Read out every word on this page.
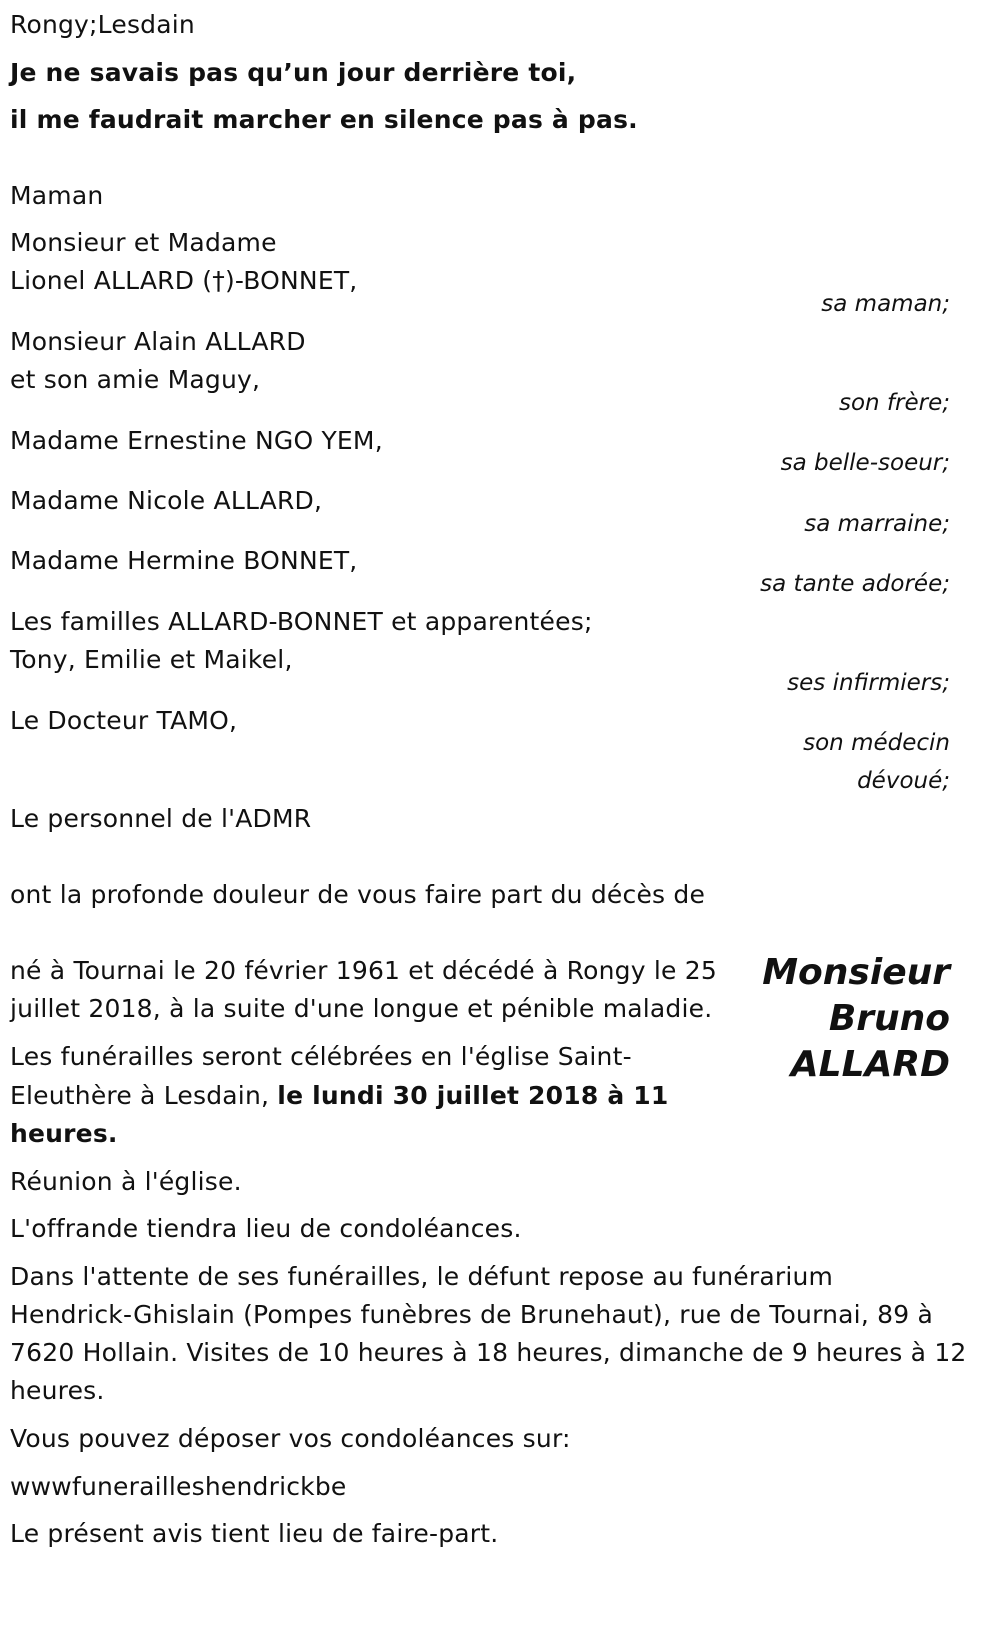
Rongy;Lesdain
Je ne savais pas qu’un jour derrière toi,
il me faudrait marcher en silence pas à pas.
Maman
Monsieur et Madame
Lionel ALLARD (†)-BONNET,
sa maman;
Monsieur Alain ALLARD
et son amie Maguy,
son frère;
Madame Ernestine NGO YEM,
sa belle-soeur;
Madame Nicole ALLARD,
sa marraine;
Madame Hermine BONNET,
sa tante adorée;
Les familles ALLARD-BONNET et apparentées;
Tony, Emilie et Maikel,
ses infirmiers;
Le Docteur TAMO,
son médecin
dévoué;
Le personnel de l'ADMR
ont la profonde douleur de vous faire part du décès de
Monsieur
Bruno
ALLARD
né à Tournai le 20 février 1961 et décédé à Rongy le 25
juillet 2018, à la suite d'une longue et pénible maladie.
Les funérailles seront célébrées en l'église Saint-
Eleuthère à Lesdain, le lundi 30 juillet 2018 à 11
heures.
Réunion à l'église.
L'offrande tiendra lieu de condoléances.
Dans l'attente de ses funérailles, le défunt repose au funérarium
Hendrick-Ghislain (Pompes funèbres de Brunehaut), rue de Tournai, 89 à
7620 Hollain. Visites de 10 heures à 18 heures, dimanche de 9 heures à 12
heures.
Vous pouvez déposer vos condoléances sur:
wwwfunerailleshendrickbe
Le présent avis tient lieu de faire-part.
